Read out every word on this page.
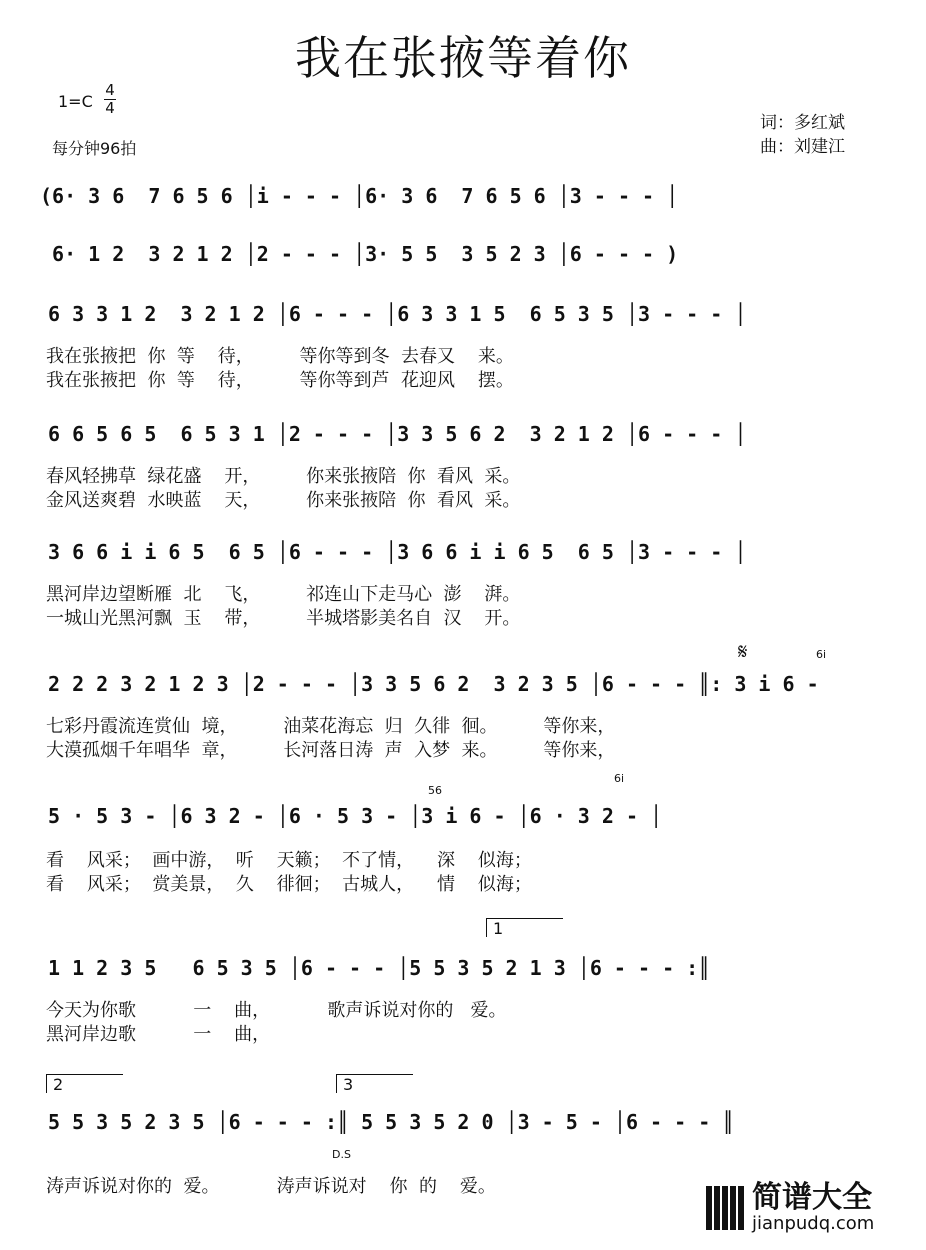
我在张掖等着你
1=C
4
4
每分钟96拍
词：多红斌
曲：刘建江
(6· 3 6  7 6 5 6 │i - - - │6· 3 6  7 6 5 6 │3 - - - │
6· 1 2  3 2 1 2 │2 - - - │3· 5 5  3 5 2 3 │6 - - - )
6 3 3 1 2  3 2 1 2 │6 - - - │6 3 3 1 5  6 5 3 5 │3 - - - │
我在张掖把  你  等    待，        等你等到冬  去春又    来。
我在张掖把  你  等    待，        等你等到芦  花迎风    摆。
6 6 5 6 5  6 5 3 1 │2 - - - │3 3 5 6 2  3 2 1 2 │6 - - - │
春风轻拂草  绿花盛    开，        你来张掖陪  你  看风  采。
金风送爽碧  水映蓝    天，        你来张掖陪  你  看风  采。
3 6 6 i i 6 5  6 5 │6 - - - │3 6 6 i i 6 5  6 5 │3 - - - │
黑河岸边望断雁  北    飞，        祁连山下走马心  澎    湃。
一城山光黑河飘  玉    带，        半城塔影美名自  汉    开。
𝄋	6i
2 2 2 3 2 1 2 3 │2 - - - │3 3 5 6 2  3 2 3 5 │6 - - - ║: 3 i 6 -
七彩丹霞流连赏仙  境，        油菜花海忘  归  久徘  徊。        等你来，
大漠孤烟千年唱华  章，        长河落日涛  声  入梦  来。        等你来，
56
6i
5 · 5 3 - │6 3 2 - │6 · 5 3 - │3 i 6 - │6 · 3 2 - │
看    风采；  画中游，  听    天籁；  不了情，    深    似海；
看    风采；  赏美景，  久    徘徊；  古城人，    情    似海；
1
1 1 2 3 5   6 5 3 5 │6 - - - │5 5 3 5 2 1 3 │6 - - - :║
今天为你歌          一    曲，          歌声诉说对你的   爱。
黑河岸边歌          一    曲，
2	3
5 5 3 5 2 3 5 │6 - - - :║ 5 5 3 5 2 0 │3 - 5 - │6 - - - ║
D.S
涛声诉说对你的  爱。          涛声诉说对    你  的    爱。	简谱大全
jianpudq.com
